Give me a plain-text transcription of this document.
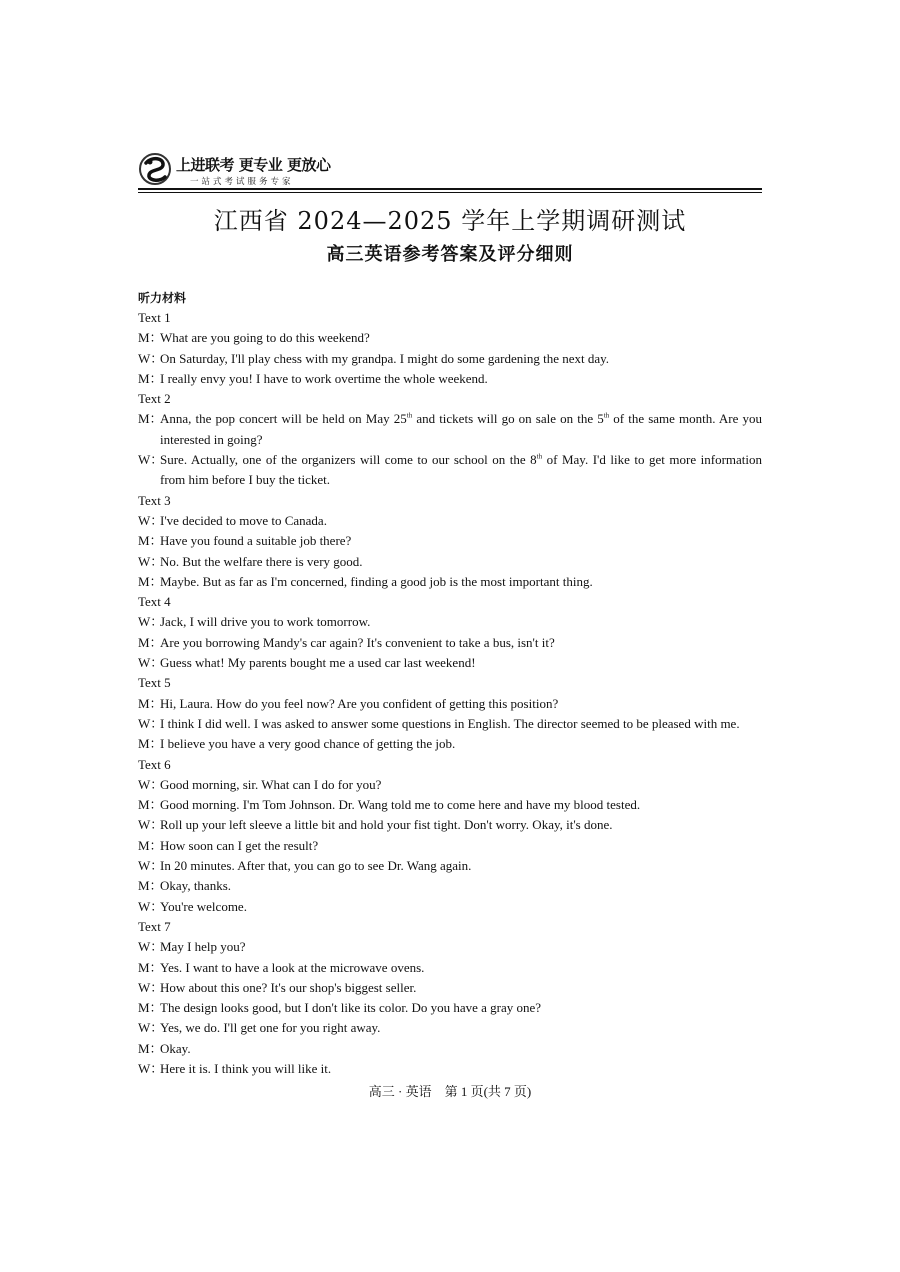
上进联考 更专业 更放心
一站式考试服务专家
江西省 2024—2025 学年上学期调研测试
高三英语参考答案及评分细则
听力材料
Text 1
M：What are you going to do this weekend?
W：On Saturday, I'll play chess with my grandpa. I might do some gardening the next day.
M：I really envy you! I have to work overtime the whole weekend.
Text 2
M：Anna, the pop concert will be held on May 25th and tickets will go on sale on the 5th of the same month. Are you interested in going?
W：Sure. Actually, one of the organizers will come to our school on the 8th of May. I'd like to get more information from him before I buy the ticket.
Text 3
W：I've decided to move to Canada.
M：Have you found a suitable job there?
W：No. But the welfare there is very good.
M：Maybe. But as far as I'm concerned, finding a good job is the most important thing.
Text 4
W：Jack, I will drive you to work tomorrow.
M：Are you borrowing Mandy's car again? It's convenient to take a bus, isn't it?
W：Guess what! My parents bought me a used car last weekend!
Text 5
M：Hi, Laura. How do you feel now? Are you confident of getting this position?
W：I think I did well. I was asked to answer some questions in English. The director seemed to be pleased with me.
M：I believe you have a very good chance of getting the job.
Text 6
W：Good morning, sir. What can I do for you?
M：Good morning. I'm Tom Johnson. Dr. Wang told me to come here and have my blood tested.
W：Roll up your left sleeve a little bit and hold your fist tight. Don't worry. Okay, it's done.
M：How soon can I get the result?
W：In 20 minutes. After that, you can go to see Dr. Wang again.
M：Okay, thanks.
W：You're welcome.
Text 7
W：May I help you?
M：Yes. I want to have a look at the microwave ovens.
W：How about this one? It's our shop's biggest seller.
M：The design looks good, but I don't like its color. Do you have a gray one?
W：Yes, we do. I'll get one for you right away.
M：Okay.
W：Here it is. I think you will like it.
高三 · 英语　第 1 页(共 7 页)
